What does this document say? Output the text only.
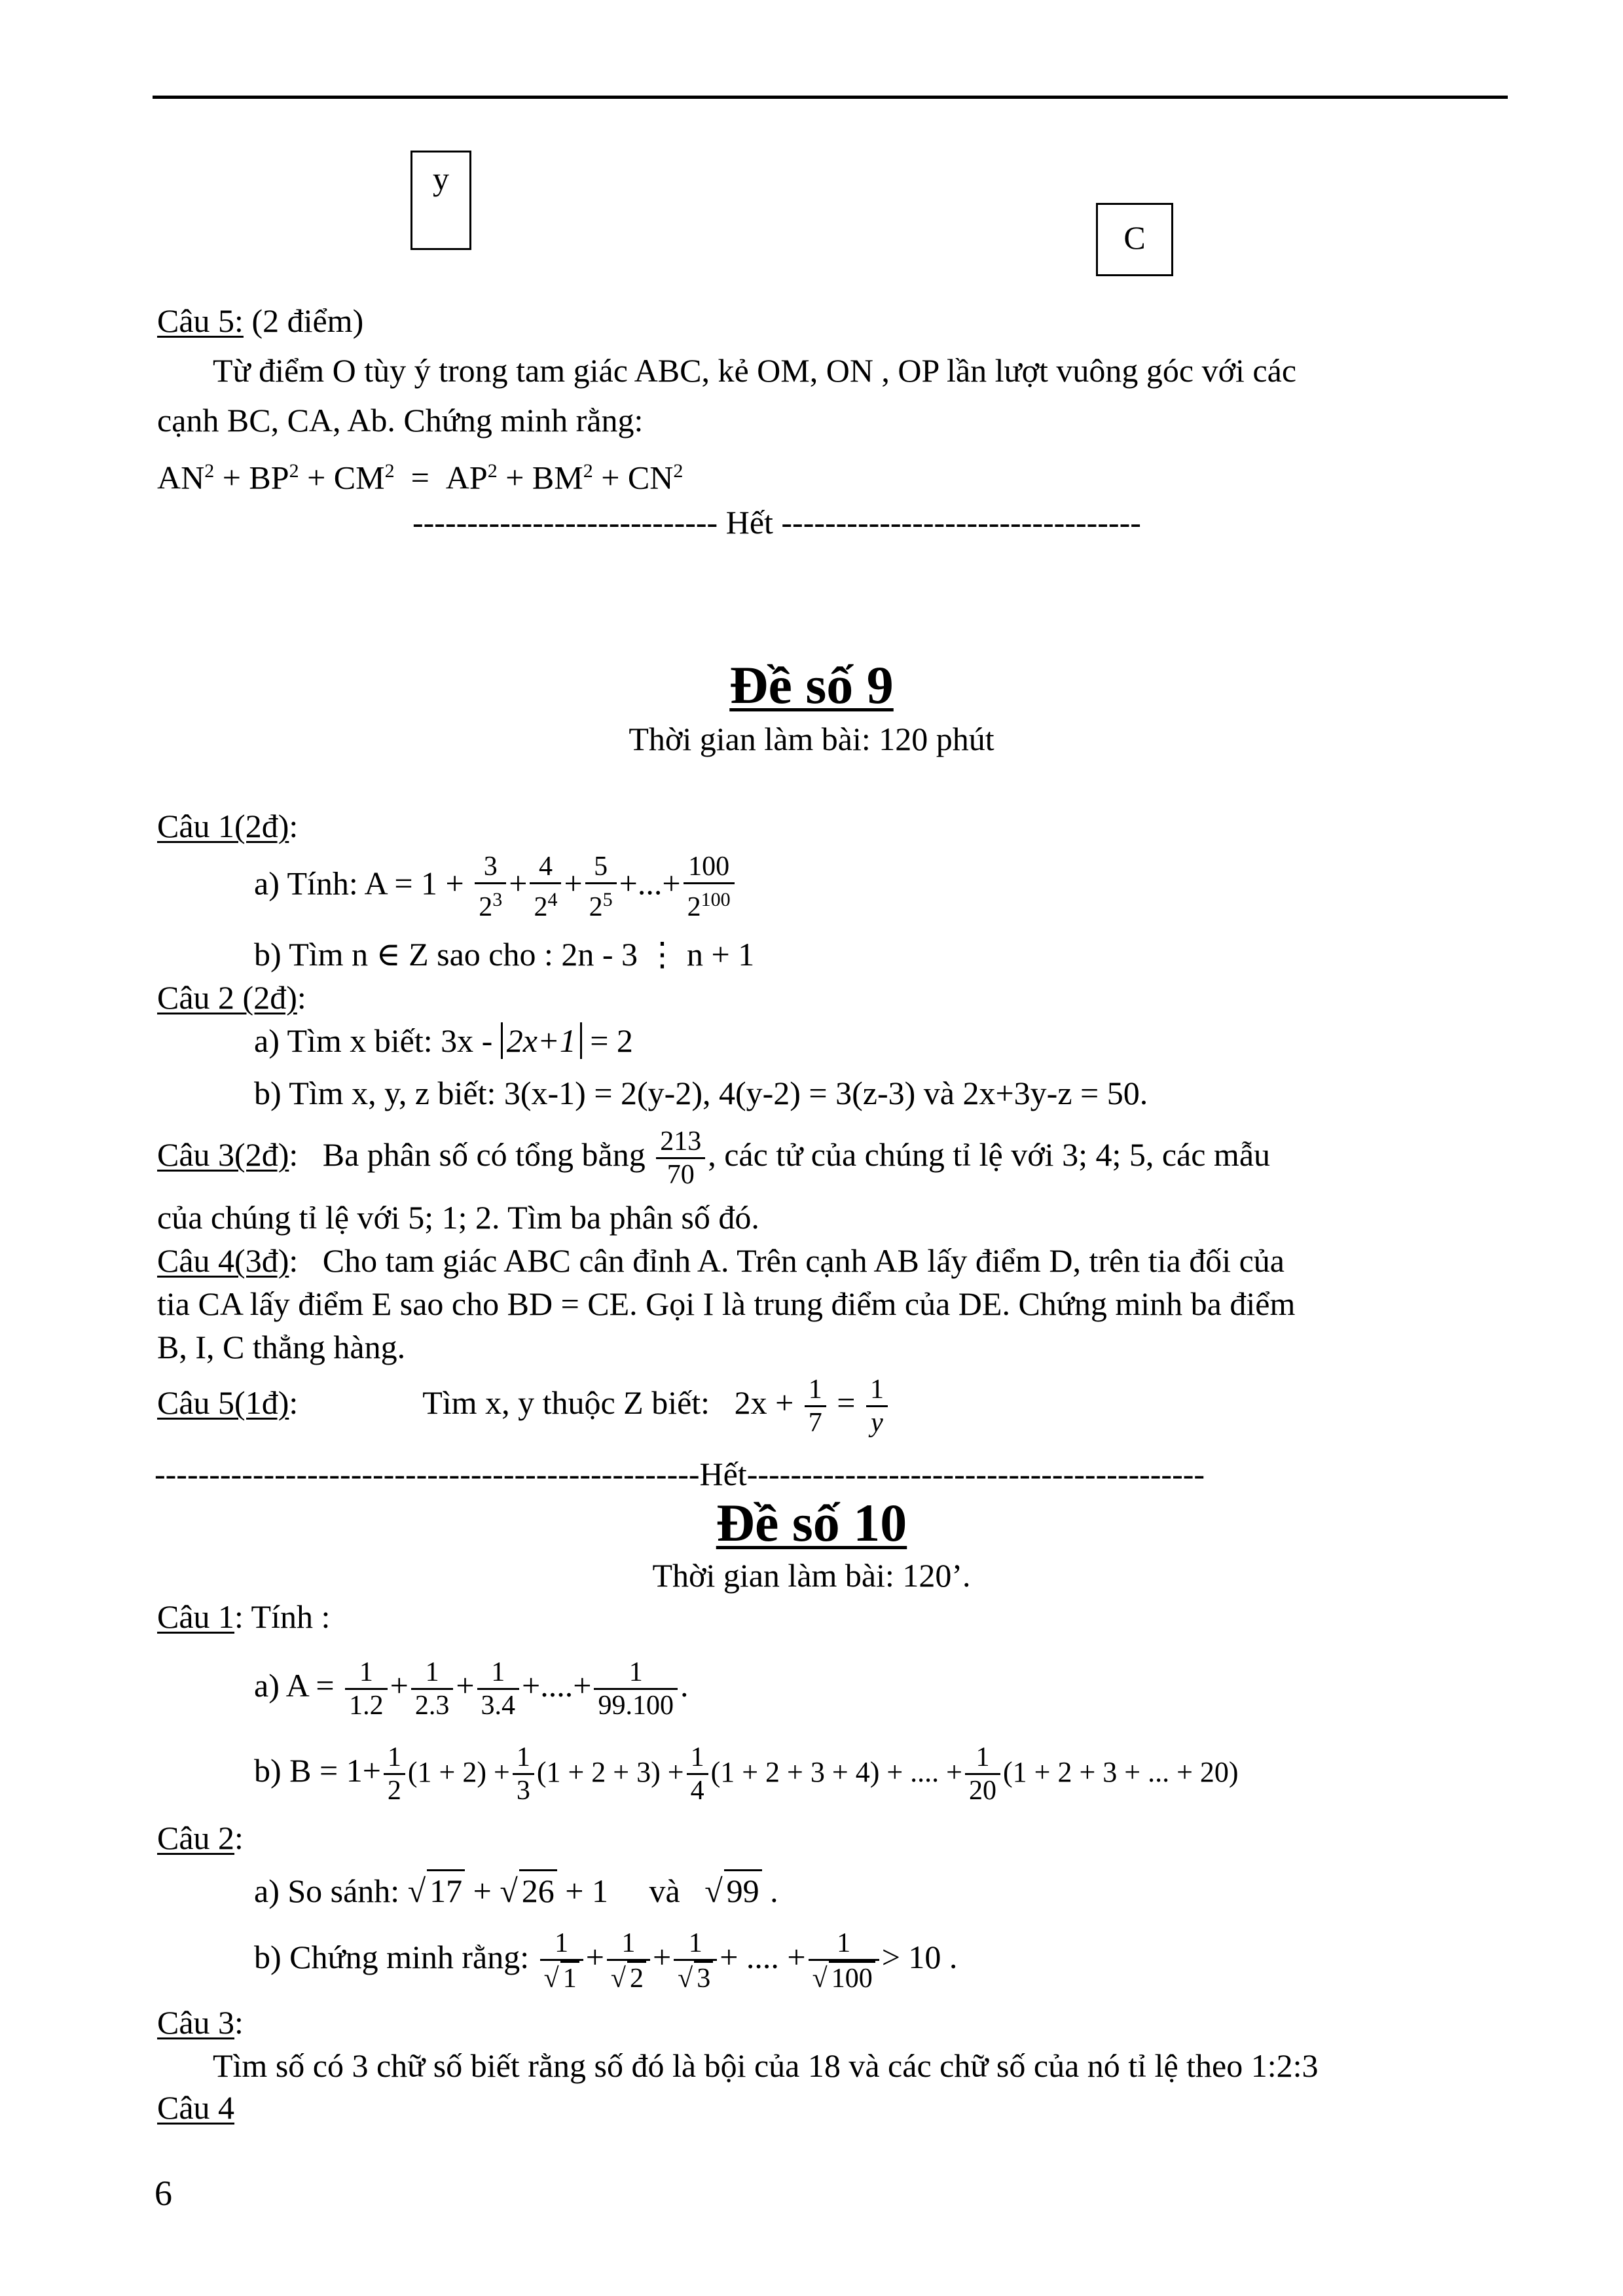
y
C
Câu 5: (2 điểm)
Từ điểm O tùy ý trong tam giác ABC, kẻ OM, ON , OP lần lượt vuông góc với các
cạnh BC, CA, Ab. Chứng minh rằng:
$AN^2 + BP^2 + CM^2 = AP^2 + BM^2 + CN^2$
---------------------------- Hết ---------------------------------
Đề số 9
Thời gian làm bài: 120 phút
Câu 1(2đ):
a) Tính: $A = 1 + \frac{3}{2^3} + \frac{4}{2^4} + \frac{5}{2^5}$ +...+ $\frac{100}{2^{100}}$
b) Tìm n ∈ Z sao cho : 2n - 3 ⋮ n + 1
Câu 2 (2đ):
a) Tìm x biết: 3x - 2x+1 = 2
b) Tìm x, y, z biết: 3(x-1) = 2(y-2), 4(y-2) = 3(z-3) và 2x+3y-z = 50.
Câu 3(2đ):   Ba phân số có tổng bằng $\frac{213}{70}$ , các tử của chúng tỉ lệ với 3; 4; 5, các mẫu
của chúng tỉ lệ với 5; 1; 2. Tìm ba phân số đó.
Câu 4(3đ):   Cho tam giác ABC cân đỉnh A. Trên cạnh AB lấy điểm D, trên tia đối của
tia CA lấy điểm E sao cho BD = CE. Gọi I là trung điểm của DE. Chứng minh ba điểm
B, I, C thẳng hàng.
Câu 5(1đ):	Tìm x, y thuộc Z biết: $2x + \frac{1}{7} = \frac{1}{y}$
--------------------------------------------------Hết------------------------------------------
Đề số 10
Thời gian làm bài: 120’.
Câu 1: Tính :
a) $A = \frac{1}{1.2} + \frac{1}{2.3} + \frac{1}{3.4}$ +....+ $\frac{1}{99.100}$ .
b) $B = 1+ \frac{1}{2} (1 + 2) + \frac{1}{3} (1 + 2 + 3) + \frac{1}{4} (1 + 2 + 3 + 4)$ + .... + $\frac{1}{20} (1 + 2 + 3$ + ... + 20)
Câu 2:
a) So sánh: √ 17 + √ 26 + 1     và   √ 99 .
b) Chứng minh rằng: $\frac{1}{√ 1} + \frac{1}{√ 2} + \frac{1}{√ 3}$ + .... + $\frac{1}{√ 100} > 10$ .
Câu 3:
Tìm số có 3 chữ số biết rằng số đó là bội của 18 và các chữ số của nó tỉ lệ theo 1:2:3
Câu 4
6
